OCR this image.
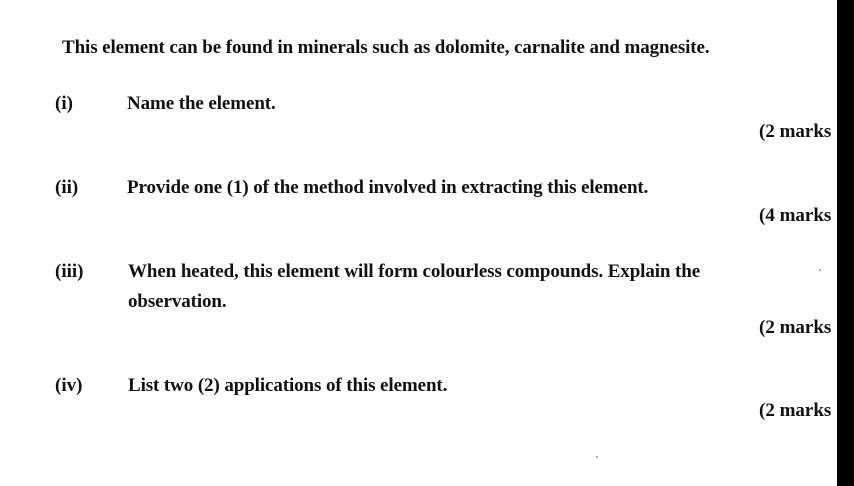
This element can be found in minerals such as dolomite, carnalite and magnesite.
(i)	Name the element.
(2 marks
(ii)	Provide one (1) of the method involved in extracting this element.
(4 marks
(iii) When heated, this element will form colourless compounds. Explain the
observation.
(2 marks
(iv) List two (2) applications of this element.
(2 marks
